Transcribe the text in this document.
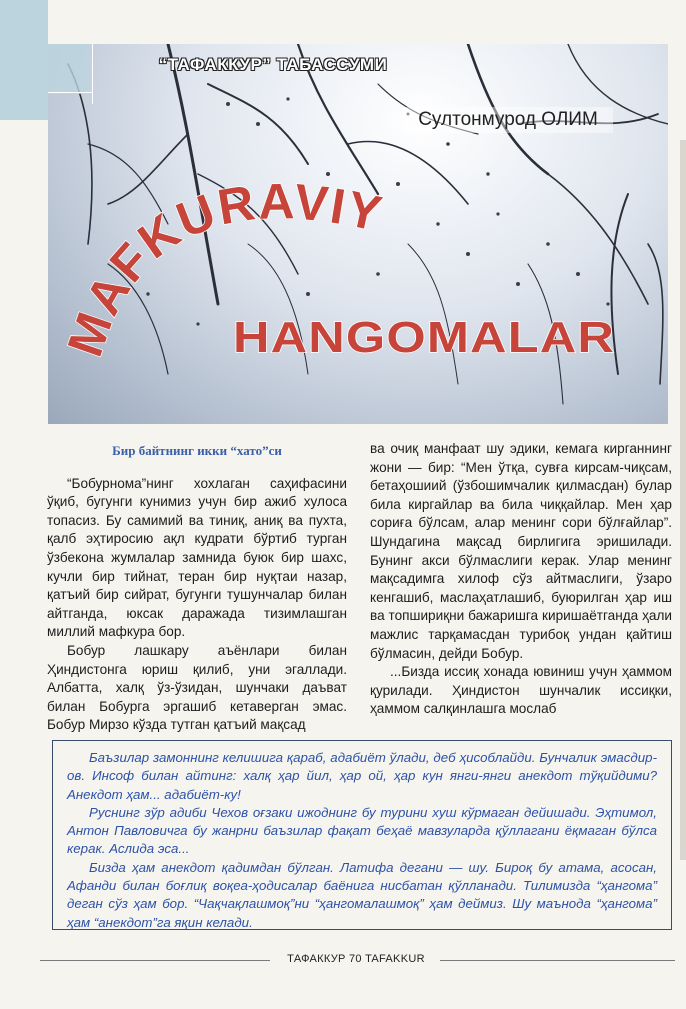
“ТАФАККУР” ТАБАССУМИ
Султонмурод ОЛИМ
MAFKURAVIY
HANGOMALAR
Бир байтнинг икки “хато”си

“Бобурнома”нинг хохлаган саҳифасини ўқиб, бугунги кунимиз учун бир ажиб хулоса топасиз. Бу самимий ва тиниқ, аниқ ва пухта, қалб эҳтиросию ақл кудрати бўртиб турган ўзбекона жумлалар замнида буюк бир шахс, кучли бир тийнат, теран бир нуқтаи назар, қатъий бир сийрат, бугунги тушунчалар билан айтганда, юксак даражада тизимлашган миллий мафкура бор.

Бобур лашкару аъёнлари билан Ҳиндистонга юриш қилиб, уни эгаллади. Албатта, халқ ўз-ўзидан, шунчаки даъват билан Бобурга эргашиб кетаверган эмас. Бобур Мирзо кўзда тутган қатъий мақсад

ва очиқ манфаат шу эдики, кемага кирганнинг жони — бир: “Мен ўтқа, сувға кирсам-чиқсам, бетаҳошиий (ўзбошимчалик қилмасдан) булар била киргайлар ва била чиққайлар. Мен ҳар сориға бўлсам, алар менинг сори бўлғайлар”. Шундагина мақсад бирлигига эришилади. Бунинг акси бўлмаслиги керак. Улар менинг мақсадимга хилоф сўз айтмаслиги, ўзаро кенгашиб, маслаҳатлашиб, буюрилган ҳар иш ва топшириқни бажаришга киришаётганда ҳали мажлис тарқамасдан турибоқ ундан қайтиш бўлмасин, дейди Бобур.

...Бизда иссиқ хонада ювиниш учун ҳаммом қурилади. Ҳиндистон шунчалик иссиқки, ҳаммом салқинлашга мослаб

Баъзилар замоннинг келишига қараб, адабиёт ўлади, деб ҳисоблайди. Бунчалик эмасдир-ов. Инсоф билан айтинг: халқ ҳар йил, ҳар ой, ҳар кун янги-янги анекдот тўқийдими? Анекдот ҳам... адабиёт-ку!

Руснинг зўр адиби Чехов оғзаки ижоднинг бу турини хуш кўрмаган дейишади. Эҳтимол, Антон Павловичга бу жанрни баъзилар фақат беҳаё мавзуларда қўллагани ёқмаган бўлса керак. Аслида эса...

Бизда ҳам анекдот қадимдан бўлган. Латифа дегани — шу. Бироқ бу атама, асосан, Афанди билан боғлиқ воқеа-ҳодисалар баёнига нисбатан қўлланади. Тилимизда “ҳангома” деган сўз ҳам бор. “Чақчақлашмоқ”ни “ҳангомалашмоқ” ҳам деймиз. Шу маънода “ҳангома” ҳам “анекдот”га яқин келади.

ТАФАККУР 70 TAFAKKUR
